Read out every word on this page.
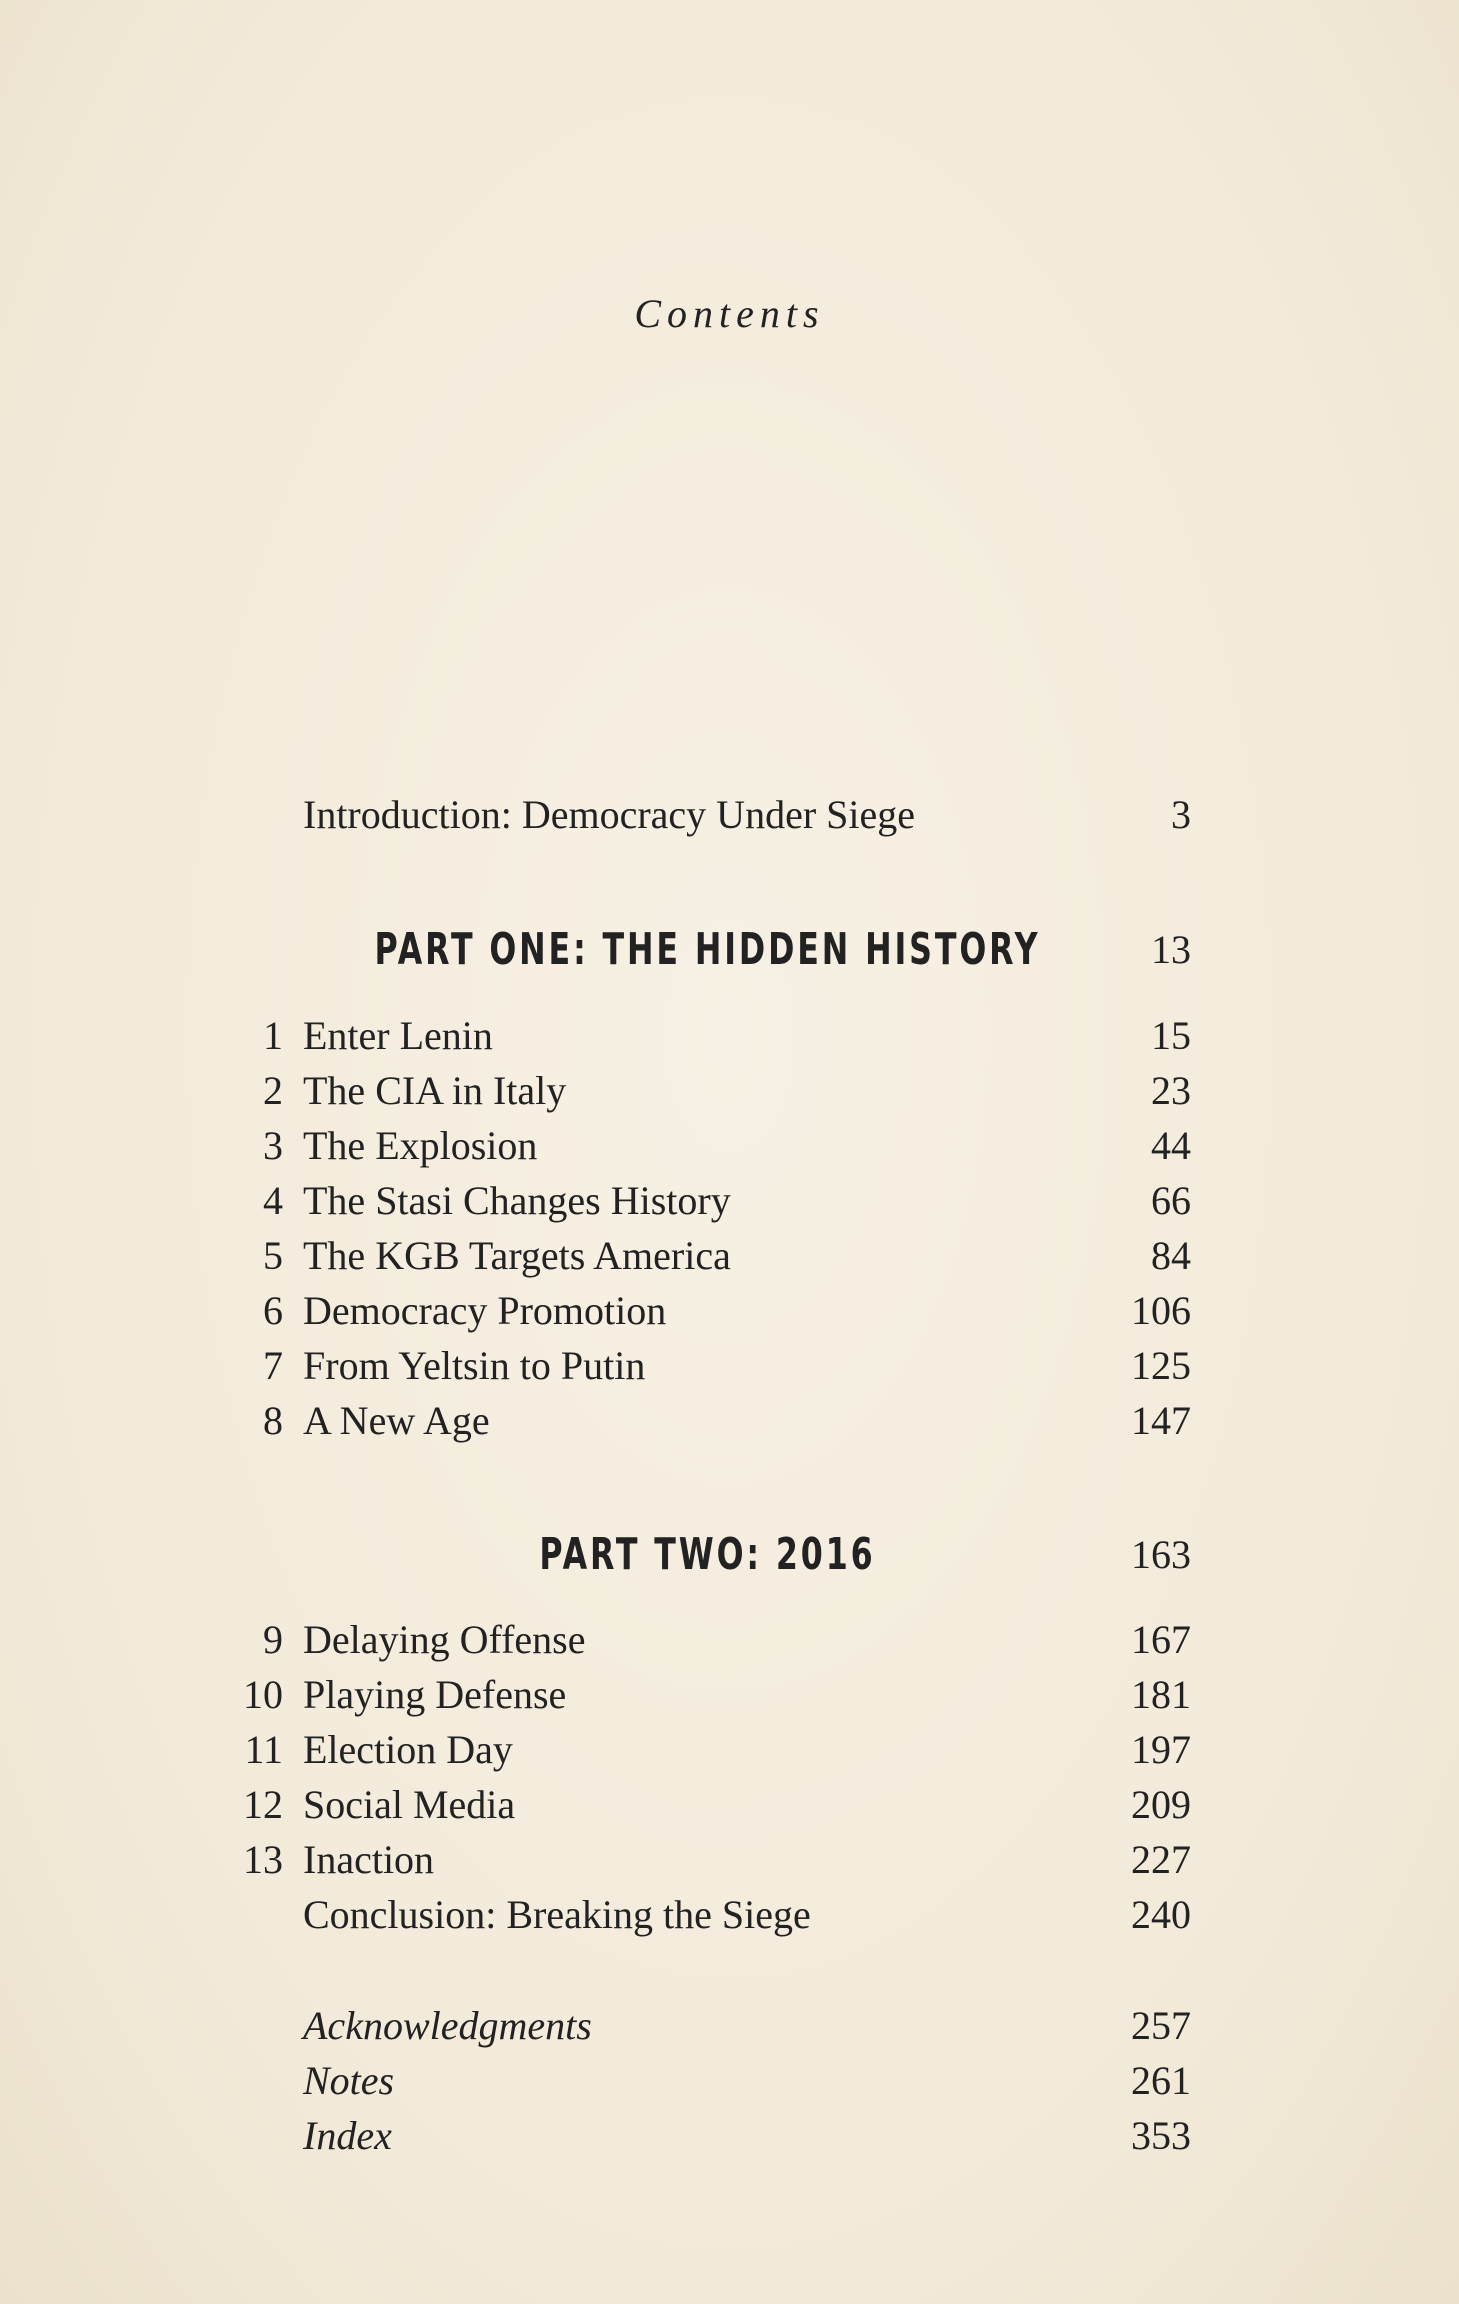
Contents
Introduction: Democracy Under Siege	3
PART ONE: THE HIDDEN HISTORY	13
1 Enter Lenin	15
2 The CIA in Italy	23
3 The Explosion	44
4 The Stasi Changes History	66
5 The KGB Targets America	84
6 Democracy Promotion	106
7 From Yeltsin to Putin	125
8 A New Age	147
PART TWO: 2016	163
9 Delaying Offense	167
10 Playing Defense	181
11 Election Day	197
12 Social Media	209
13 Inaction	227
Conclusion: Breaking the Siege	240
Acknowledgments	257
Notes	261
Index	353
